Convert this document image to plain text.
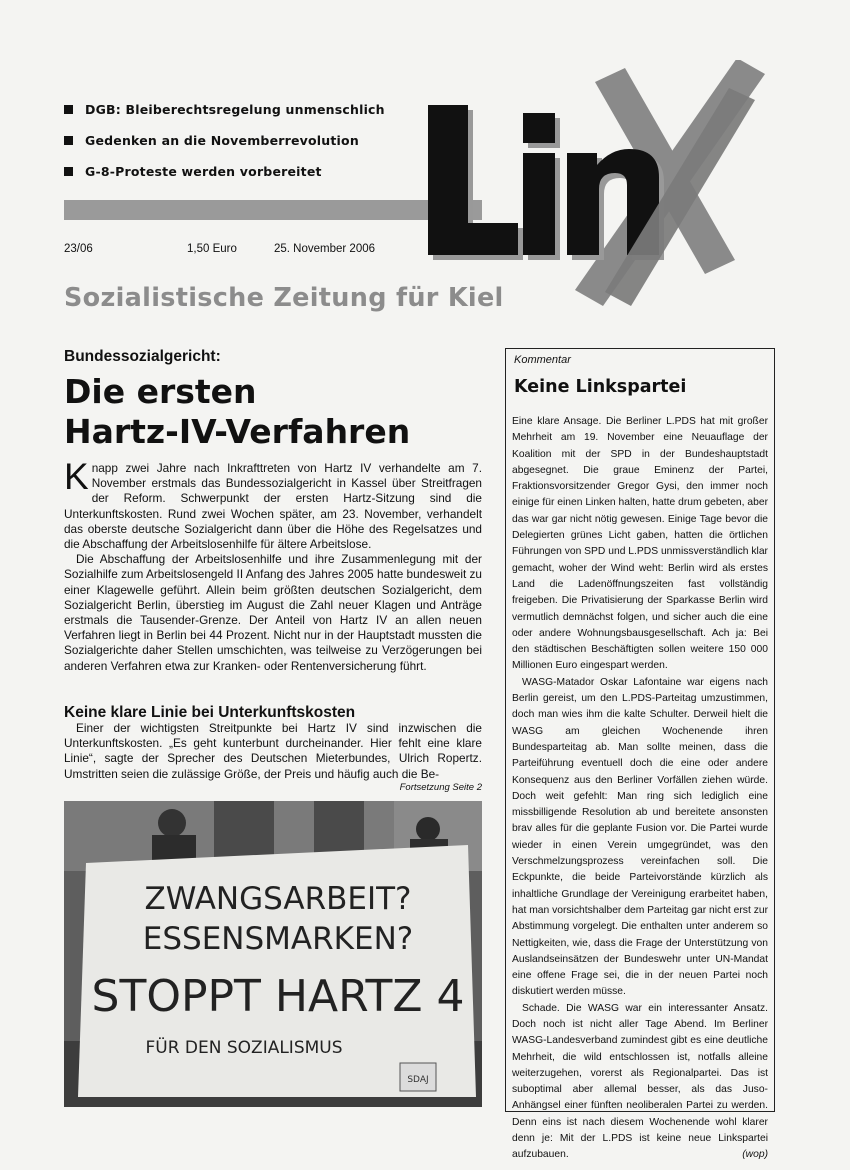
DGB: Bleiberechtsregelung unmenschlich
Gedenken an die Novemberrevolution
G-8-Proteste werden vorbereitet
23/06	1,50 Euro	25. November 2006
Sozialistische Zeitung für Kiel
Bundessozialgericht:
Die ersten
Hartz-IV-Verfahren

Knapp zwei Jahre nach Inkrafttreten von Hartz IV verhandelte am 7. November erstmals das Bundessozialgericht in Kassel über Streitfragen der Reform. Schwerpunkt der ersten Hartz-Sitzung sind die Unterkunftskosten. Rund zwei Wochen später, am 23. November, verhandelt das oberste deutsche Sozialgericht dann über die Höhe des Regelsatzes und die Abschaffung der Arbeitslosenhilfe für ältere Arbeitslose.

Die Abschaffung der Arbeitslosenhilfe und ihre Zusammenlegung mit der Sozialhilfe zum Arbeitslosengeld II Anfang des Jahres 2005 hatte bundesweit zu einer Klagewelle geführt. Allein beim größten deutschen Sozialgericht, dem Sozialgericht Berlin, überstieg im August die Zahl neuer Klagen und Anträge erstmals die Tausender-Grenze. Der Anteil von Hartz IV an allen neuen Verfahren liegt in Berlin bei 44 Prozent. Nicht nur in der Hauptstadt mussten die Sozialgerichte daher Stellen umschichten, was teilweise zu Verzögerungen bei anderen Verfahren etwa zur Kranken- oder Rentenversicherung führt.

Keine klare Linie bei Unterkunftskosten

Einer der wichtigsten Streitpunkte bei Hartz IV sind inzwischen die Unterkunftskosten. „Es geht kunterbunt durcheinander. Hier fehlt eine klare Linie“, sagte der Sprecher des Deutschen Mieterbundes, Ulrich Ropertz. Umstritten seien die zulässige Größe, der Preis und häufig auch die Be-

Fortsetzung Seite 2
ZWANGSARBEIT?
ESSENSMARKEN?
STOPPT HARTZ 4
FÜR DEN SOZIALISMUS
SDAJ
Kommentar
Keine Linkspartei

Eine klare Ansage. Die Berliner L.PDS hat mit großer Mehrheit am 19. November eine Neuauflage der Koalition mit der SPD in der Bundeshauptstadt abgesegnet. Die graue Eminenz der Partei, Fraktionsvorsitzender Gregor Gysi, den immer noch einige für einen Linken halten, hatte drum gebeten, aber das war gar nicht nötig gewesen. Einige Tage bevor die Delegierten grünes Licht gaben, hatten die örtlichen Führungen von SPD und L.PDS unmissverständlich klar gemacht, woher der Wind weht: Berlin wird als erstes Land die Ladenöffnungszeiten fast vollständig freigeben. Die Privatisierung der Sparkasse Berlin wird vermutlich demnächst folgen, und sicher auch die eine oder andere Wohnungsbausgesellschaft. Ach ja: Bei den städtischen Beschäftigten sollen weitere 150 000 Millionen Euro eingespart werden.

WASG-Matador Oskar Lafontaine war eigens nach Berlin gereist, um den L.PDS-Parteitag umzustimmen, doch man wies ihm die kalte Schulter. Derweil hielt die WASG am gleichen Wochenende ihren Bundesparteitag ab. Man sollte meinen, dass die Parteiführung eventuell doch die eine oder andere Konsequenz aus den Berliner Vorfällen ziehen würde. Doch weit gefehlt: Man ring sich lediglich eine missbilligende Resolution ab und bereitete ansonsten brav alles für die geplante Fusion vor. Die Partei wurde wieder in einen Verein umgegründet, was den Verschmelzungsprozess vereinfachen soll. Die Eckpunkte, die beide Parteivorstände kürzlich als inhaltliche Grundlage der Vereinigung erarbeitet haben, hat man vorsichtshalber dem Parteitag gar nicht erst zur Abstimmung vorgelegt. Die enthalten unter anderem so Nettigkeiten, wie, dass die Frage der Unterstützung von Auslandseinsätzen der Bundeswehr unter UN-Mandat eine offene Frage sei, die in der neuen Partei noch diskutiert werden müsse.

Schade. Die WASG war ein interessanter Ansatz. Doch noch ist nicht aller Tage Abend. Im Berliner WASG-Landesverband zumindest gibt es eine deutliche Mehrheit, die wild entschlossen ist, notfalls alleine weiterzugehen, vorerst als Regionalpartei. Das ist suboptimal aber allemal besser, als das Juso-Anhängsel einer fünften neoliberalen Partei zu werden. Denn eins ist nach diesem Wochenende wohl klarer denn je: Mit der L.PDS ist keine neue Linkspartei aufzubauen.	(wop)
